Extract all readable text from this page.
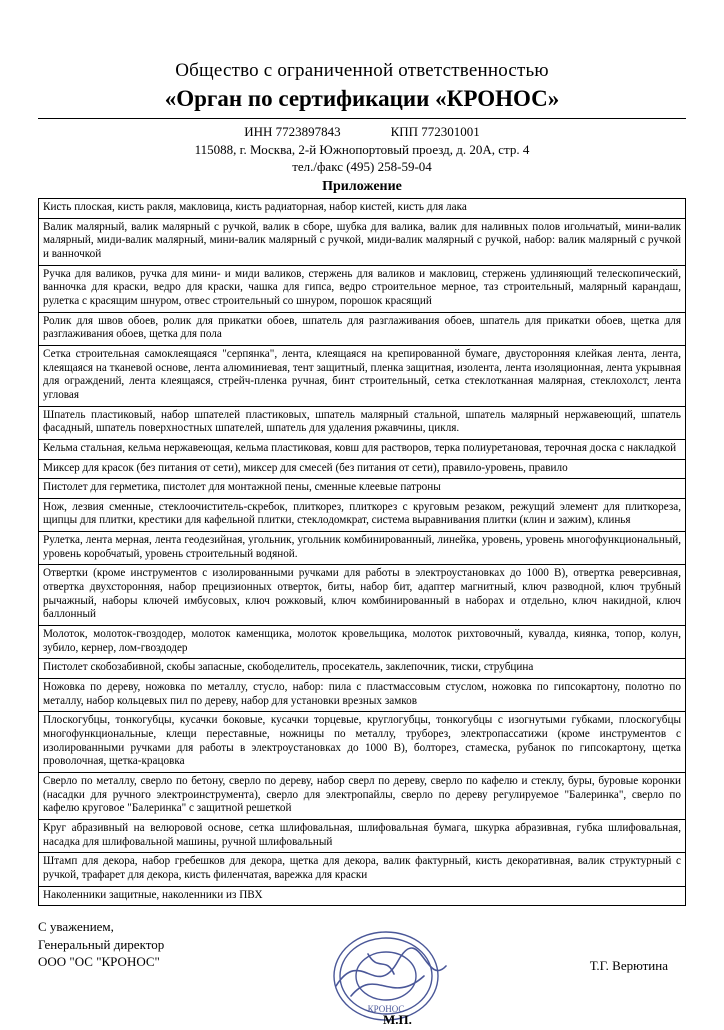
Общество с ограниченной ответственностью
«Орган по сертификации «КРОНОС»
ИНН 7723897843	КПП 772301001
115088, г. Москва, 2-й Южнопортовый проезд, д. 20А, стр. 4
тел./факс (495) 258-59-04
Приложение
Кисть плоская, кисть ракля, макловица, кисть радиаторная, набор кистей, кисть для лака
Валик малярный, валик малярный с ручкой, валик в сборе, шубка для валика, валик для наливных полов игольчатый, мини-валик малярный, миди-валик малярный, мини-валик малярный с ручкой, миди-валик малярный с ручкой, набор: валик малярный с ручкой и ванночкой
Ручка для валиков, ручка для мини- и миди валиков, стержень для валиков и макловиц, стержень удлиняющий телескопический, ванночка для краски, ведро для краски, чашка для гипса, ведро строительное мерное, таз строительный, малярный карандаш, рулетка с красящим шнуром, отвес строительный со шнуром, порошок красящий
Ролик для швов обоев, ролик для прикатки обоев, шпатель для разглаживания обоев, шпатель для прикатки обоев, щетка для разглаживания обоев, щетка для пола
Сетка строительная самоклеящаяся "серпянка", лента, клеящаяся на крепированной бумаге, двусторонняя клейкая лента, лента, клеящаяся на тканевой основе, лента алюминиевая, тент защитный, пленка защитная, изолента, лента изоляционная, лента укрывная для ограждений, лента клеящаяся, стрейч-пленка ручная, бинт строительный, сетка стеклотканная малярная, стеклохолст, лента угловая
Шпатель пластиковый, набор шпателей пластиковых, шпатель малярный стальной, шпатель малярный нержавеющий, шпатель фасадный, шпатель поверхностных шпателей, шпатель для удаления ржавчины, цикля.
Кельма стальная, кельма нержавеющая, кельма пластиковая, ковш для растворов, терка полиуретановая, терочная доска с накладкой
Миксер для красок (без питания от сети), миксер для смесей (без питания от сети), правило-уровень, правило
Пистолет для герметика, пистолет для монтажной пены, сменные клеевые патроны
Нож, лезвия сменные, стеклоочиститель-скребок, плиткорез, плиткорез с круговым резаком, режущий элемент для плиткореза, щипцы для плитки, крестики для кафельной плитки, стеклодомкрат, система выравнивания плитки (клин и зажим), клинья
Рулетка, лента мерная, лента геодезийная, угольник, угольник комбинированный, линейка, уровень, уровень многофункциональный, уровень коробчатый, уровень строительный водяной.
Отвертки (кроме инструментов с изолированными ручками для работы в электроустановках до 1000 В), отвертка реверсивная, отвертка двухсторонняя, набор прецизионных отверток, биты, набор бит, адаптер магнитный, ключ разводной, ключ трубный рычажный, наборы ключей имбусовых, ключ рожковый, ключ комбинированный в наборах и отдельно, ключ накидной, ключ баллонный
Молоток, молоток-гвоздодер, молоток каменщика, молоток кровельщика, молоток рихтовочный, кувалда, киянка, топор, колун, зубило, кернер, лом-гвоздодер
Пистолет скобозабивной, скобы запасные, скободелитель, просекатель, заклепочник, тиски, струбцина
Ножовка по дереву, ножовка по металлу, стусло, набор: пила с пластмассовым стуслом, ножовка по гипсокартону, полотно по металлу, набор кольцевых пил по дереву, набор для установки врезных замков
Плоскогубцы, тонкогубцы, кусачки боковые, кусачки торцевые, круглогубцы, тонкогубцы с изогнутыми губками, плоскогубцы многофункциональные, клещи переставные, ножницы по металлу, труборез, электропассатижи (кроме инструментов с изолированными ручками для работы в электроустановках до 1000 В), болторез, стамеска, рубанок по гипсокартону, щетка проволочная, щетка-крацовка
Сверло по металлу, сверло по бетону, сверло по дереву, набор сверл по дереву, сверло по кафелю и стеклу, буры, буровые коронки (насадки для ручного электроинструмента), сверло для электропайлы, сверло по дереву регулируемое "Балеринка", сверло по кафелю круговое "Балеринка" с защитной решеткой
Круг абразивный на велюровой основе, сетка шлифовальная, шлифовальная бумага, шкурка абразивная, губка шлифовальная, насадка для шлифовальной машины, ручной шлифовальный
Штамп для декора, набор гребешков для декора, щетка для декора, валик фактурный, кисть декоративная, валик структурный с ручкой, трафарет для декора, кисть филенчатая, варежка для краски
Наколенники защитные, наколенники из ПВХ
С уважением,
Генеральный директор
ООО "ОС "КРОНОС"
КРОНОС
М.П.
Т.Г. Верютина
